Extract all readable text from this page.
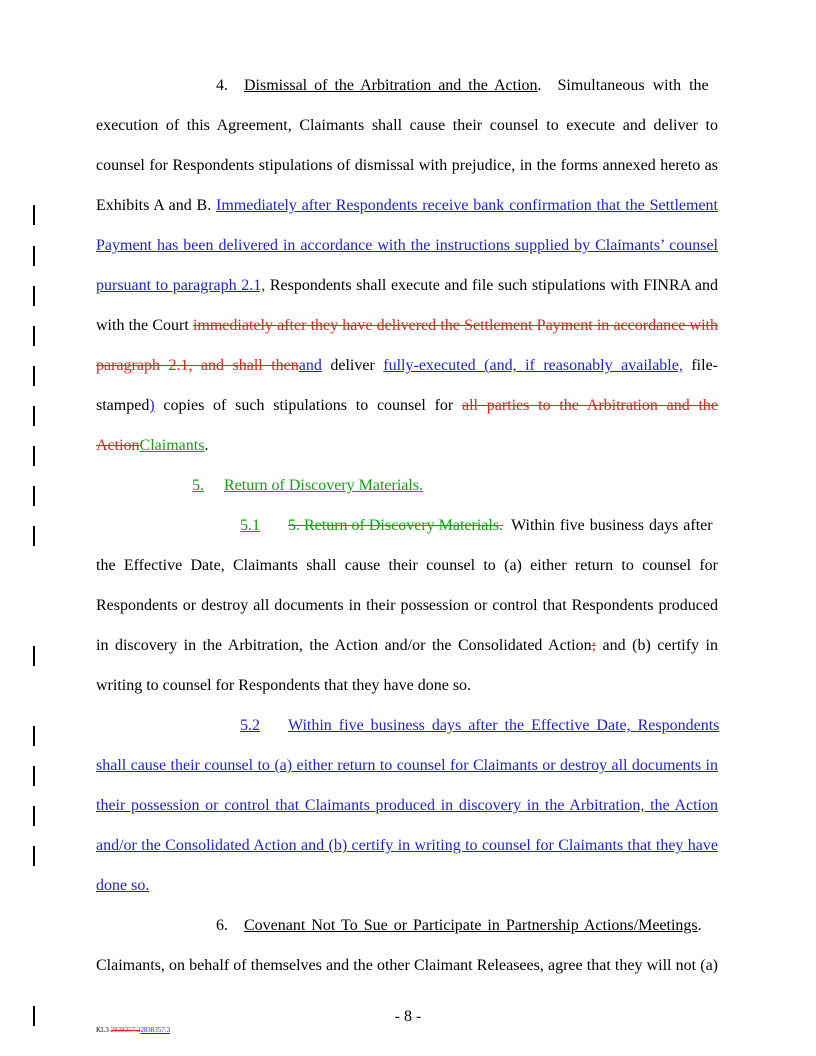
4. Dismissal of the Arbitration and the Action.    Simultaneous with the
execution of this Agreement, Claimants shall cause their counsel to execute and deliver to
counsel for Respondents stipulations of dismissal with prejudice, in the forms annexed hereto as
Exhibits A and B. Immediately after Respondents receive bank confirmation that the Settlement
Payment has been delivered in accordance with the instructions supplied by Claimants’ counsel
pursuant to paragraph 2.1, Respondents shall execute and file such stipulations with FINRA and
with the Court immediately after they have delivered the Settlement Payment in accordance with
paragraph 2.1, and shall thenand deliver fully-executed (and, if reasonably available, file-
stamped) copies of such stipulations to counsel for all parties to the Arbitration and the
ActionClaimants.
5. Return of Discovery Materials.
5.1 5. Return of Discovery Materials. Within five business days after
the Effective Date, Claimants shall cause their counsel to (a) either return to counsel for
Respondents or destroy all documents in their possession or control that Respondents produced
in discovery in the Arbitration, the Action and/or the Consolidated Action; and (b) certify in
writing to counsel for Respondents that they have done so.
5.2 Within five business days after the Effective Date, Respondents
shall cause their counsel to (a) either return to counsel for Claimants or destroy all documents in
their possession or control that Claimants produced in discovery in the Arbitration, the Action
and/or the Consolidated Action and (b) certify in writing to counsel for Claimants that they have
done so.
6. Covenant Not To Sue or Participate in Partnership Actions/Meetings.
Claimants, on behalf of themselves and the other Claimant Releasees, agree that they will not (a)
- 8 -
KL3 2838357.22838357.3
